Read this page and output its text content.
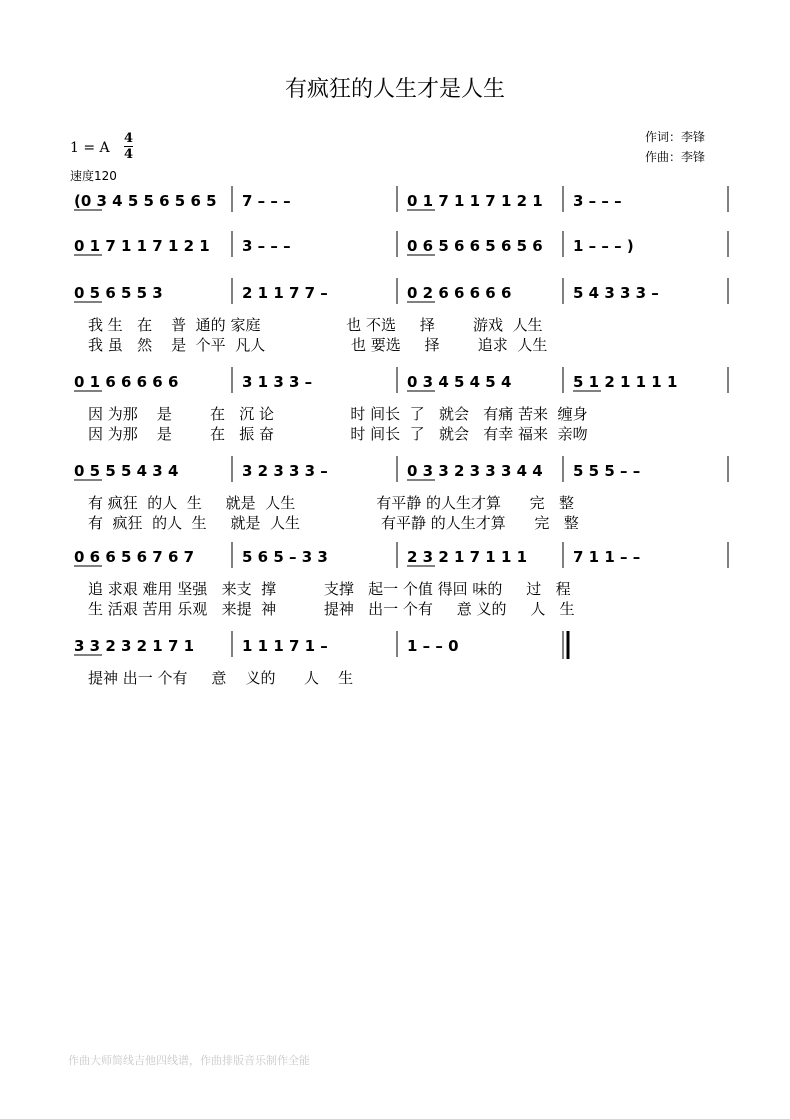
有疯狂的人生才是人生
1 = A
4
4
速度120
作词：李锋
作曲：李锋
(0 3 4 5 5 6 5 6 5 7 – – –	0 1 7 1 1 7 1 2 1 3 – – –
0 1 7 1 1 7 1 2 1 3 – – –	0 6 5 6 6 5 6 5 6 1 – – – )
0 5 6 5 5 3	2 1 1 7 7 –	0 2 6 6 6 6 6	5 4 3 3 3 –
0 1 6 6 6 6 6	3 1 3 3 –	0 3 4 5 4 5 4	5 1 2 1 1 1 1
0 5 5 5 4 3 4	3 2 3 3 3 –	0 3 3 2 3 3 3 4 4 5 5 5 – –
0 6 6 5 6 7 6 7	5 6 5 – 3 3	2 3 2 1 7 1 1 1	7 1 1 – –
3 3 2 3 2 1 7 1	1 1 1 7 1 –	1 – – 0
我 生   在    普  通的 家庭                  也 不选     择        游戏  人生
我 虽   然    是  个平  凡人                  也 要选     择        追求  人生
因 为那    是        在   沉 论                时 间长  了   就会   有痛 苦来  缠身
因 为那    是        在   振 奋                时 间长  了   就会   有幸 福来  亲吻
有 疯狂  的人  生     就是  人生                 有平静 的人生才算      完   整
有  疯狂  的人  生     就是  人生                 有平静 的人生才算      完   整
追 求艰 难用 坚强   来支  撑          支撑   起一 个值 得回 味的     过   程
生 活艰 苦用 乐观   来提  神          提神   出一 个有     意 义的     人   生
提神 出一 个有     意    义的      人    生
作曲大师简线吉他四线谱，作曲排版音乐制作全能
